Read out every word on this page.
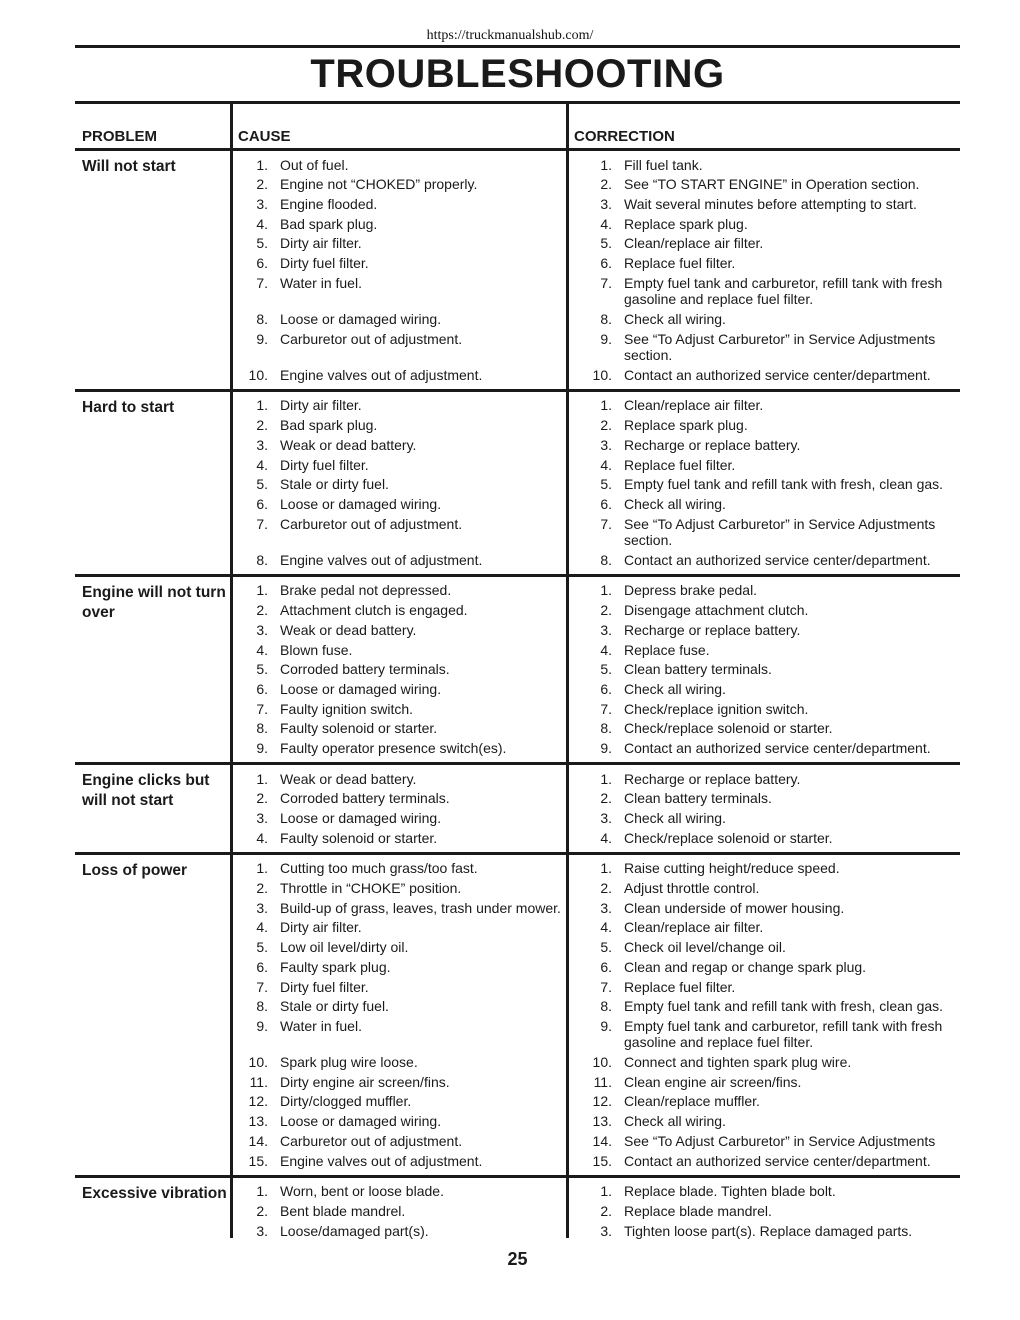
https://truckmanualshub.com/
TROUBLESHOOTING
PROBLEM	CAUSE	CORRECTION
Will not start	1. Out of fuel.	1. Fill fuel tank.
2. Engine not “CHOKED” properly.	2. See “TO START ENGINE” in Operation section.
3. Engine flooded.	3. Wait several minutes before attempting to start.
4. Bad spark plug.	4. Replace spark plug.
5. Dirty air filter.	5. Clean/replace air filter.
6. Dirty fuel filter.	6. Replace fuel filter.
7. Water in fuel.	7. Empty fuel tank and carburetor, refill tank with fresh gasoline and replace fuel filter.
8. Loose or damaged wiring.	8. Check all wiring.
9. Carburetor out of adjustment.	9. See “To Adjust Carburetor” in Service Adjustments section.
10. Engine valves out of adjustment.	10. Contact an authorized service center/department.
Hard to start	1. Dirty air filter.	1. Clean/replace air filter.
2. Bad spark plug.	2. Replace spark plug.
3. Weak or dead battery.	3. Recharge or replace battery.
4. Dirty fuel filter.	4. Replace fuel filter.
5. Stale or dirty fuel.	5. Empty fuel tank and refill tank with fresh, clean gas.
6. Loose or damaged wiring.	6. Check all wiring.
7. Carburetor out of adjustment.	7. See “To Adjust Carburetor” in Service Adjustments section.
8. Engine valves out of adjustment.	8. Contact an authorized service center/department.
Engine will not turn over
1. Brake pedal not depressed.	1. Depress brake pedal.
2. Attachment clutch is engaged.	2. Disengage attachment clutch.
3. Weak or dead battery.	3. Recharge or replace battery.
4. Blown fuse.	4. Replace fuse.
5. Corroded battery terminals.	5. Clean battery terminals.
6. Loose or damaged wiring.	6. Check all wiring.
7. Faulty ignition switch.	7. Check/replace ignition switch.
8. Faulty solenoid or starter.	8. Check/replace solenoid or starter.
9. Faulty operator presence switch(es).	9. Contact an authorized service center/department.
Engine clicks but will not start
1. Weak or dead battery.	1. Recharge or replace battery.
2. Corroded battery terminals.	2. Clean battery terminals.
3. Loose or damaged wiring.	3. Check all wiring.
4. Faulty solenoid or starter.	4. Check/replace solenoid or starter.
Loss of power	1. Cutting too much grass/too fast.	1. Raise cutting height/reduce speed.
2. Throttle in “CHOKE” position.	2. Adjust throttle control.
3. Build-up of grass, leaves, trash under mower.	3. Clean underside of mower housing.
4. Dirty air filter.	4. Clean/replace air filter.
5. Low oil level/dirty oil.	5. Check oil level/change oil.
6. Faulty spark plug.	6. Clean and regap or change spark plug.
7. Dirty fuel filter.	7. Replace fuel filter.
8. Stale or dirty fuel.	8. Empty fuel tank and refill tank with fresh, clean gas.
9. Water in fuel.	9. Empty fuel tank and carburetor, refill tank with fresh gasoline and replace fuel filter.
10. Spark plug wire loose.	10. Connect and tighten spark plug wire.
11. Dirty engine air screen/fins.	11. Clean engine air screen/fins.
12. Dirty/clogged muffler.	12. Clean/replace muffler.
13. Loose or damaged wiring.	13. Check all wiring.
14. Carburetor out of adjustment.	14. See “To Adjust Carburetor” in Service Adjustments
15. Engine valves out of adjustment.	15. Contact an authorized service center/department.
Excessive vibration	1. Worn, bent or loose blade.	1. Replace blade. Tighten blade bolt.
2. Bent blade mandrel.	2. Replace blade mandrel.
3. Loose/damaged part(s).	3. Tighten loose part(s). Replace damaged parts.
25
